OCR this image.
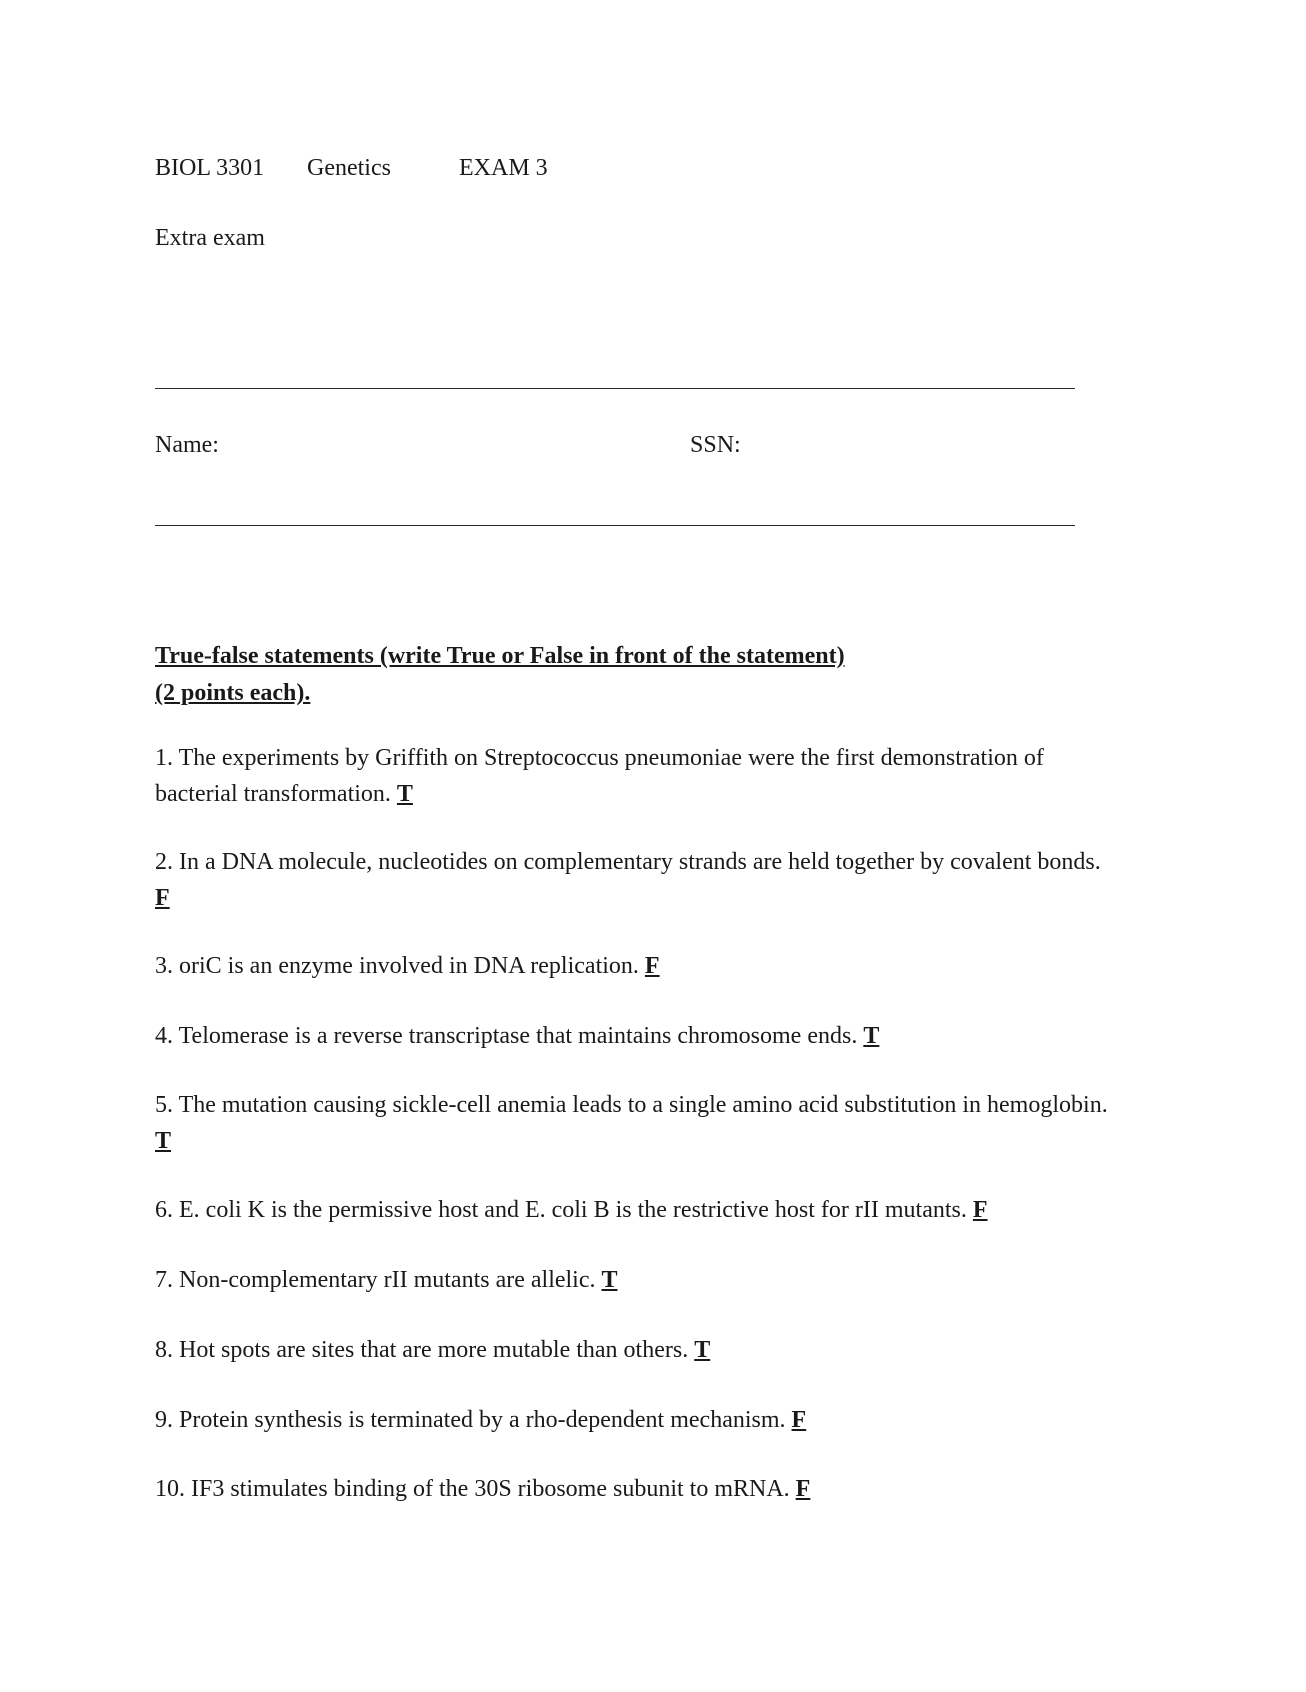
BIOL 3301 Genetics	EXAM 3
Extra exam
Name:	SSN:
True-false statements (write True or False in front of the statement)
(2 points each).
1. The experiments by Griffith on Streptococcus pneumoniae were the first demonstration of bacterial transformation. T
2. In a DNA molecule, nucleotides on complementary strands are held together by covalent bonds. F
3. oriC is an enzyme involved in DNA replication. F
4. Telomerase is a reverse transcriptase that maintains chromosome ends. T
5. The mutation causing sickle-cell anemia leads to a single amino acid substitution in hemoglobin. T
6. E. coli K is the permissive host and E. coli B is the restrictive host for rII mutants. F
7. Non-complementary rII mutants are allelic. T
8. Hot spots are sites that are more mutable than others. T
9. Protein synthesis is terminated by a rho-dependent mechanism. F
10. IF3 stimulates binding of the 30S ribosome subunit to mRNA. F
